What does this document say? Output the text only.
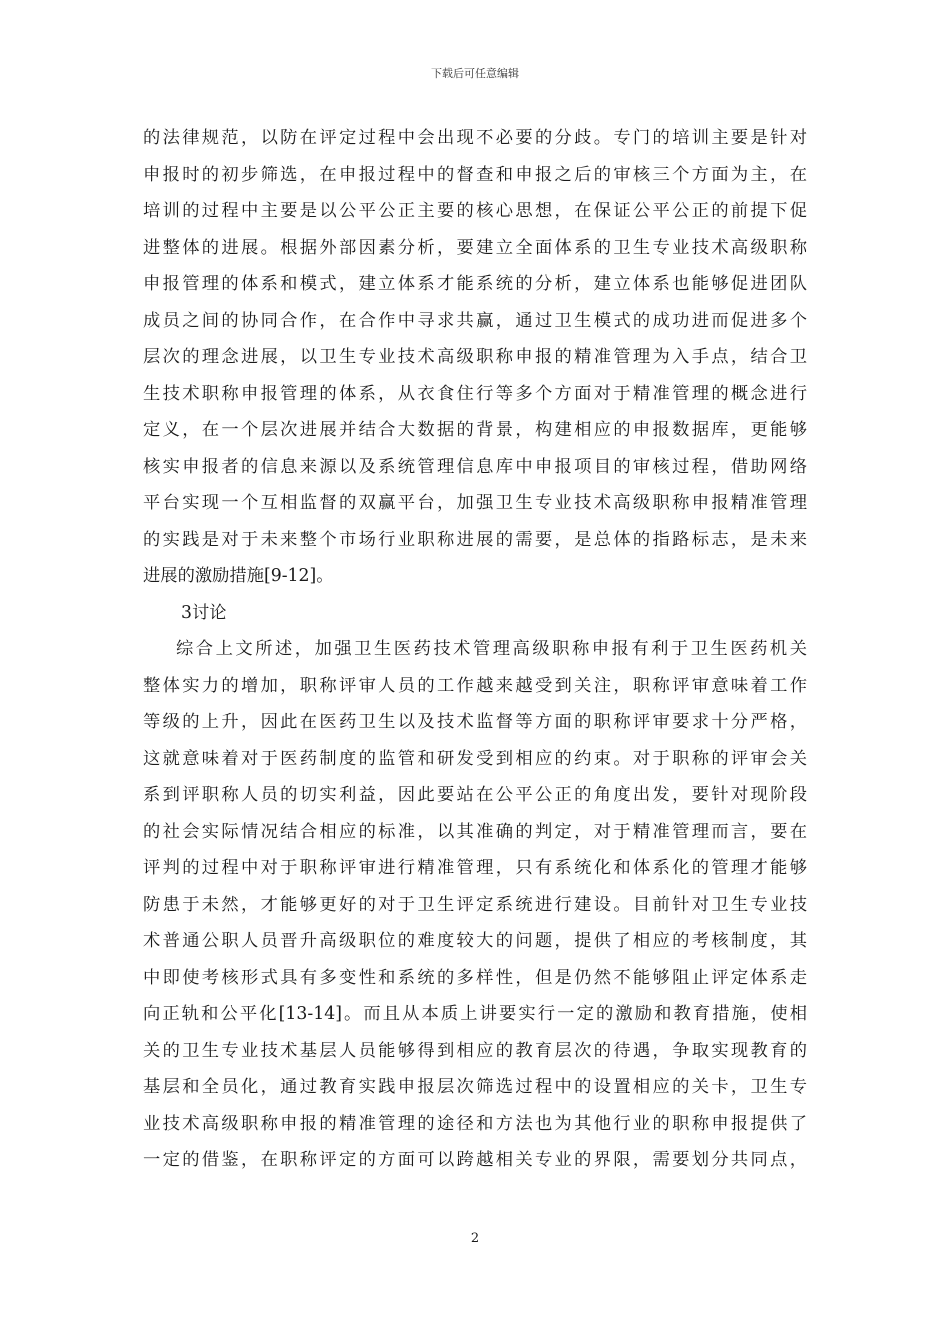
下载后可任意编辑
的法律规范，以防在评定过程中会出现不必要的分歧。专门的培训主要是针对
申报时的初步筛选，在申报过程中的督查和申报之后的审核三个方面为主，在
培训的过程中主要是以公平公正主要的核心思想，在保证公平公正的前提下促
进整体的进展。根据外部因素分析，要建立全面体系的卫生专业技术高级职称
申报管理的体系和模式，建立体系才能系统的分析，建立体系也能够促进团队
成员之间的协同合作，在合作中寻求共赢，通过卫生模式的成功进而促进多个
层次的理念进展，以卫生专业技术高级职称申报的精准管理为入手点，结合卫
生技术职称申报管理的体系，从衣食住行等多个方面对于精准管理的概念进行
定义，在一个层次进展并结合大数据的背景，构建相应的申报数据库，更能够
核实申报者的信息来源以及系统管理信息库中申报项目的审核过程，借助网络
平台实现一个互相监督的双赢平台，加强卫生专业技术高级职称申报精准管理
的实践是对于未来整个市场行业职称进展的需要，是总体的指路标志，是未来
进展的激励措施[9-12]。
3讨论
综合上文所述，加强卫生医药技术管理高级职称申报有利于卫生医药机关
整体实力的增加，职称评审人员的工作越来越受到关注，职称评审意味着工作
等级的上升，因此在医药卫生以及技术监督等方面的职称评审要求十分严格，
这就意味着对于医药制度的监管和研发受到相应的约束。对于职称的评审会关
系到评职称人员的切实利益，因此要站在公平公正的角度出发，要针对现阶段
的社会实际情况结合相应的标准，以其准确的判定，对于精准管理而言，要在
评判的过程中对于职称评审进行精准管理，只有系统化和体系化的管理才能够
防患于未然，才能够更好的对于卫生评定系统进行建设。目前针对卫生专业技
术普通公职人员晋升高级职位的难度较大的问题，提供了相应的考核制度，其
中即使考核形式具有多变性和系统的多样性，但是仍然不能够阻止评定体系走
向正轨和公平化[13-14]。而且从本质上讲要实行一定的激励和教育措施，使相
关的卫生专业技术基层人员能够得到相应的教育层次的待遇，争取实现教育的
基层和全员化，通过教育实践申报层次筛选过程中的设置相应的关卡，卫生专
业技术高级职称申报的精准管理的途径和方法也为其他行业的职称申报提供了
一定的借鉴，在职称评定的方面可以跨越相关专业的界限，需要划分共同点，
2
